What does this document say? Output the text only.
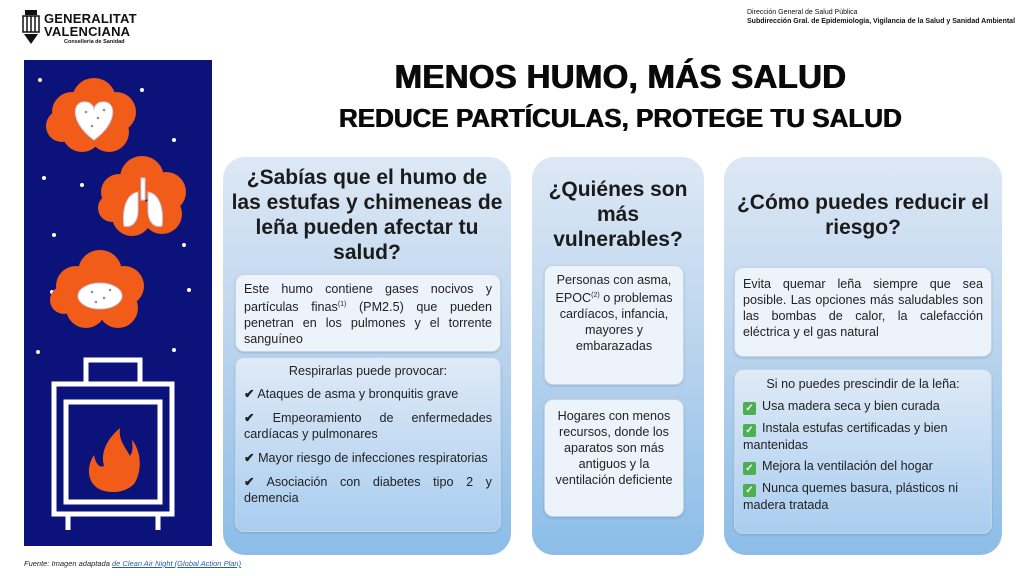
GENERALITAT
VALENCIANA
Conselleria de Sanidad
Dirección General de Salud Pública
Subdirección Gral. de Epidemiología, Vigilancia de la Salud y Sanidad Ambiental
MENOS HUMO, MÁS SALUD
REDUCE PARTÍCULAS, PROTEGE TU SALUD
¿Sabías que el humo de las estufas y chimeneas de leña pueden afectar tu salud?
Este humo contiene gases nocivos y partículas finas$^{(1)}$ (PM2.5) que pueden penetran en los pulmones y el torrente sanguíneo
Respirarlas puede provocar:
✔ Ataques de asma y bronquitis grave
✔ Empeoramiento de enfermedades cardíacas y pulmonares
✔ Mayor riesgo de infecciones respiratorias
✔ Asociación con diabetes tipo 2 y demencia
¿Quiénes son más vulnerables?
Personas con asma, EPOC$^{(2)}$ o problemas cardíacos, infancia, mayores y embarazadas
Hogares con menos recursos, donde los aparatos son más antiguos y la ventilación deficiente
¿Cómo puedes reducir el riesgo?
Evita quemar leña siempre que sea posible. Las opciones más saludables son las bombas de calor, la calefacción eléctrica y el gas natural
Si no puedes prescindir de la leña:
✓ Usa madera seca y bien curada
✓ Instala estufas certificadas y bien mantenidas
✓ Mejora la ventilación del hogar
✓ Nunca quemes basura, plásticos ni madera tratada
Fuente: Imagen adaptada de Clean Air Night (Global Action Plan)
